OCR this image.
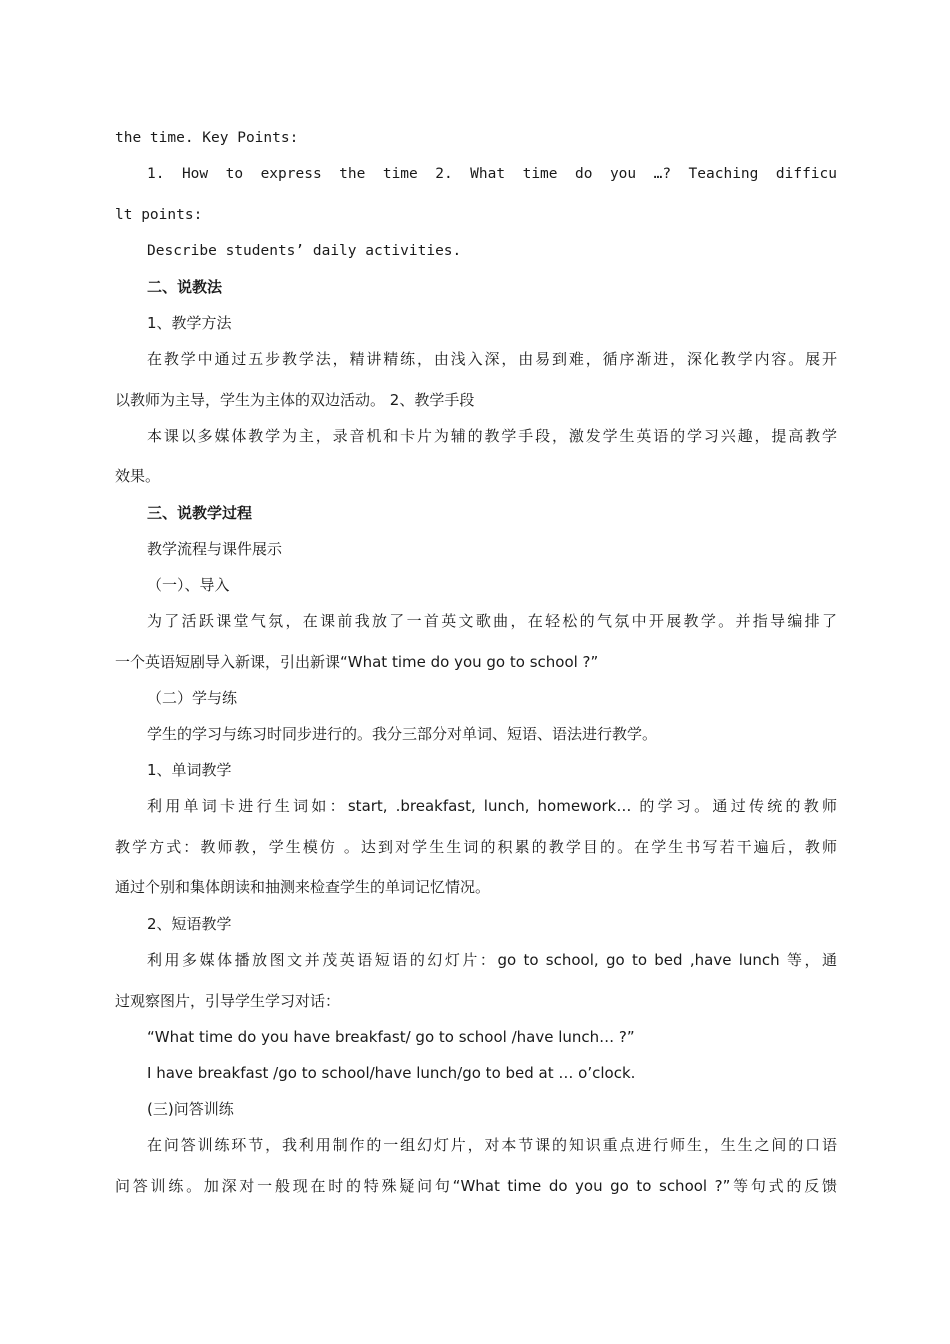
the time. Key Points:
1. How to express the time 2. What time do you …? Teaching difficu
lt points:
Describe students’ daily activities.
二、说教法
1、教学方法
在教学中通过五步教学法，精讲精练，由浅入深，由易到难，循序渐进，深化教学内容。展开
以教师为主导，学生为主体的双边活动。 2、教学手段
本课以多媒体教学为主，录音机和卡片为辅的教学手段，激发学生英语的学习兴趣，提高教学
效果。
三、说教学过程
教学流程与课件展示
（一）、导入
为了活跃课堂气氛，在课前我放了一首英文歌曲，在轻松的气氛中开展教学。并指导编排了
一个英语短剧导入新课，引出新课“What time do you go to school ?”
（二）学与练
学生的学习与练习时同步进行的。我分三部分对单词、短语、语法进行教学。
1、单词教学
利用单词卡进行生词如：start, .breakfast, lunch, homework… 的学习。通过传统的教师
教学方式：教师教，学生模仿 。达到对学生生词的积累的教学目的。在学生书写若干遍后，教师
通过个别和集体朗读和抽测来检查学生的单词记忆情况。
2、短语教学
利用多媒体播放图文并茂英语短语的幻灯片：go to school, go to bed ,have lunch 等，通
过观察图片，引导学生学习对话：
“What time do you have breakfast/ go to school /have lunch… ?”
I have breakfast /go to school/have lunch/go to bed at … o’clock.
(三)问答训练
在问答训练环节，我利用制作的一组幻灯片，对本节课的知识重点进行师生，生生之间的口语
问答训练。加深对一般现在时的特殊疑问句“What time do you go to school ?”等句式的反馈
